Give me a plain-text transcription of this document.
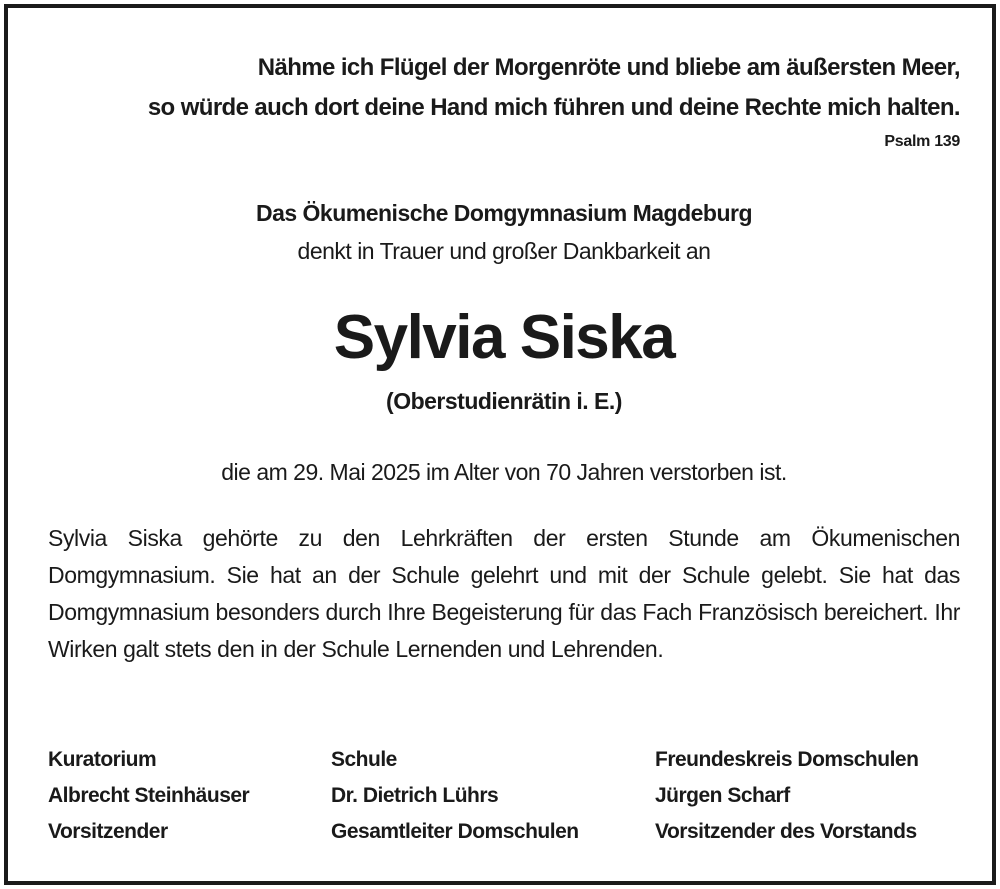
Nähme ich Flügel der Morgenröte und bliebe am äußersten Meer,
so würde auch dort deine Hand mich führen und deine Rechte mich halten.
Psalm 139
Das Ökumenische Domgymnasium Magdeburg
denkt in Trauer und großer Dankbarkeit an
Sylvia Siska
(Oberstudienrätin i. E.)
die am 29. Mai 2025 im Alter von 70 Jahren verstorben ist.
Sylvia Siska gehörte zu den Lehrkräften der ersten Stunde am Ökumenischen Domgymnasium. Sie hat an der Schule gelehrt und mit der Schule gelebt. Sie hat das Domgymnasium besonders durch Ihre Begeisterung für das Fach Französisch bereichert. Ihr Wirken galt stets den in der Schule Lernenden und Lehrenden.
Kuratorium
Albrecht Steinhäuser
Vorsitzender
Schule
Dr. Dietrich Lührs
Gesamtleiter Domschulen
Freundeskreis Domschulen
Jürgen Scharf
Vorsitzender des Vorstands
